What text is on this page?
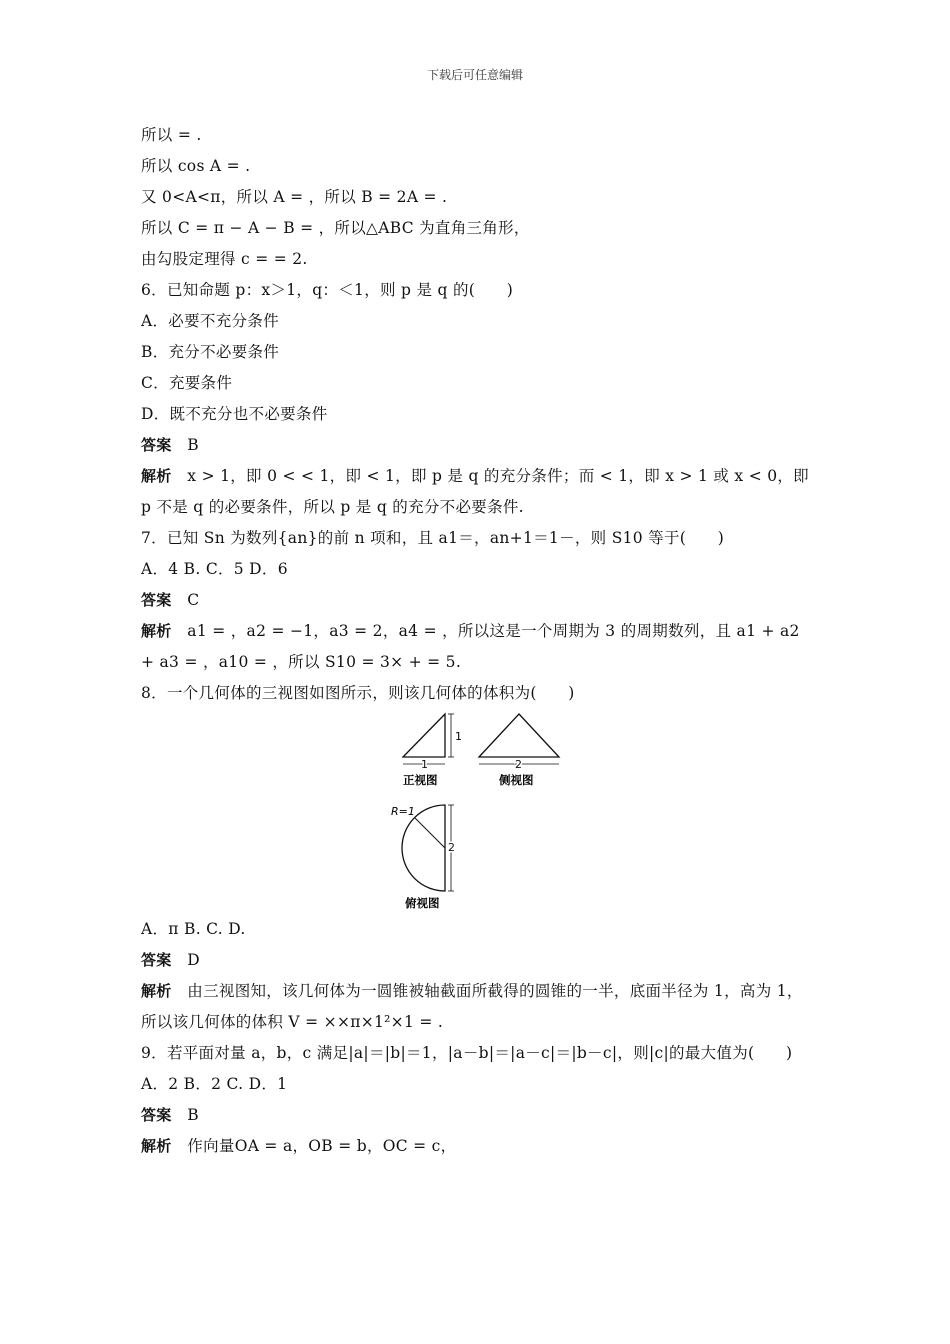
下载后可任意编辑
所以 = .
所以 cos A = .
又 0<A<π，所以 A = ，所以 B = 2A = .
所以 C = π − A − B = ，所以△ABC 为直角三角形，
由勾股定理得 c = = 2.
6．已知命题 p：x＞1，q：＜1，则 p 是 q 的(　　)
A．必要不充分条件
B．充分不必要条件
C．充要条件
D．既不充分也不必要条件
答案 B
解析 x > 1，即 0 < < 1，即 < 1，即 p 是 q 的充分条件；而 < 1，即 x > 1 或 x < 0，即 p 不是 q 的必要条件，所以 p 是 q 的充分不必要条件.
7．已知 Sn 为数列{an}的前 n 项和，且 a1＝，an+1＝1－，则 S10 等于(　　)
A．4 B. C．5 D．6
答案 C
解析 a1 = ，a2 = −1，a3 = 2，a4 = ，所以这是一个周期为 3 的周期数列，且 a1 + a2 + a3 = ，a10 = ，所以 S10 = 3× + = 5.
8．一个几何体的三视图如图所示，则该几何体的体积为(　　)
1
1
正视图
2
侧视图
R=1
2
俯视图
A．π B. C. D.
答案 D
解析 由三视图知，该几何体为一圆锥被轴截面所截得的圆锥的一半，底面半径为 1，高为 1，
所以该几何体的体积 V = ××π×1²×1 = .
9．若平面对量 a，b，c 满足|a|＝|b|＝1，|a－b|＝|a－c|＝|b－c|，则|c|的最大值为(　　)
A．2 B．2 C. D．1
答案 B
解析 作向量OA = a，OB = b，OC = c，
